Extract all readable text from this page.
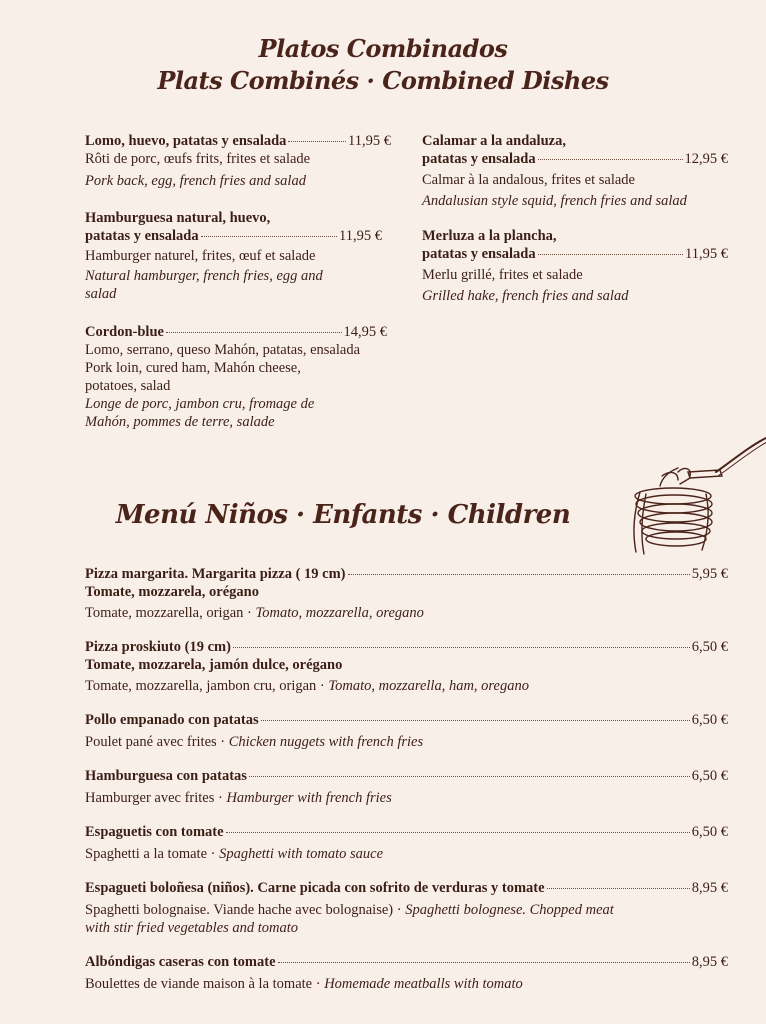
Platos Combinados
Plats Combinés · Combined Dishes
Lomo, huevo, patatas y ensalada	11,95 €
Rôti de porc, œufs frits, frites et salade
Pork back, egg, french fries and salad
Hamburguesa natural, huevo,
patatas y ensalada	11,95 €
Hamburger naturel, frites, œuf et salade
Natural hamburger, french fries, egg and
salad
Cordon-blue	14,95 €
Lomo, serrano, queso Mahón, patatas, ensalada
Pork loin, cured ham, Mahón cheese,
potatoes, salad
Longe de porc, jambon cru, fromage de
Mahón, pommes de terre, salade
Calamar a la andaluza,
patatas y ensalada	12,95 €
Calmar à la andalous, frites et salade
Andalusian style squid, french fries and salad
Merluza a la plancha,
patatas y ensalada	11,95 €
Merlu grillé, frites et salade
Grilled hake, french fries and salad
Menú Niños · Enfants · Children
Pizza margarita. Margarita pizza ( 19 cm)	5,95 €
Tomate, mozzarela, orégano
Tomate, mozzarella, origan · Tomato, mozzarella, oregano
Pizza proskiuto (19 cm)	6,50 €
Tomate, mozzarela, jamón dulce, orégano
Tomate, mozzarella, jambon cru, origan · Tomato, mozzarella, ham, oregano
Pollo empanado con patatas	6,50 €
Poulet pané avec frites · Chicken nuggets with french fries
Hamburguesa con patatas	6,50 €
Hamburger avec frites · Hamburger with french fries
Espaguetis con tomate	6,50 €
Spaghetti a la tomate · Spaghetti with tomato sauce
Espagueti boloñesa (niños). Carne picada con sofrito de verduras y tomate	8,95 €
Spaghetti bolognaise. Viande hache avec bolognaise) · Spaghetti bolognese. Chopped meat
with stir fried vegetables and tomato
Albóndigas caseras con tomate	8,95 €
Boulettes de viande maison à la tomate · Homemade meatballs with tomato
